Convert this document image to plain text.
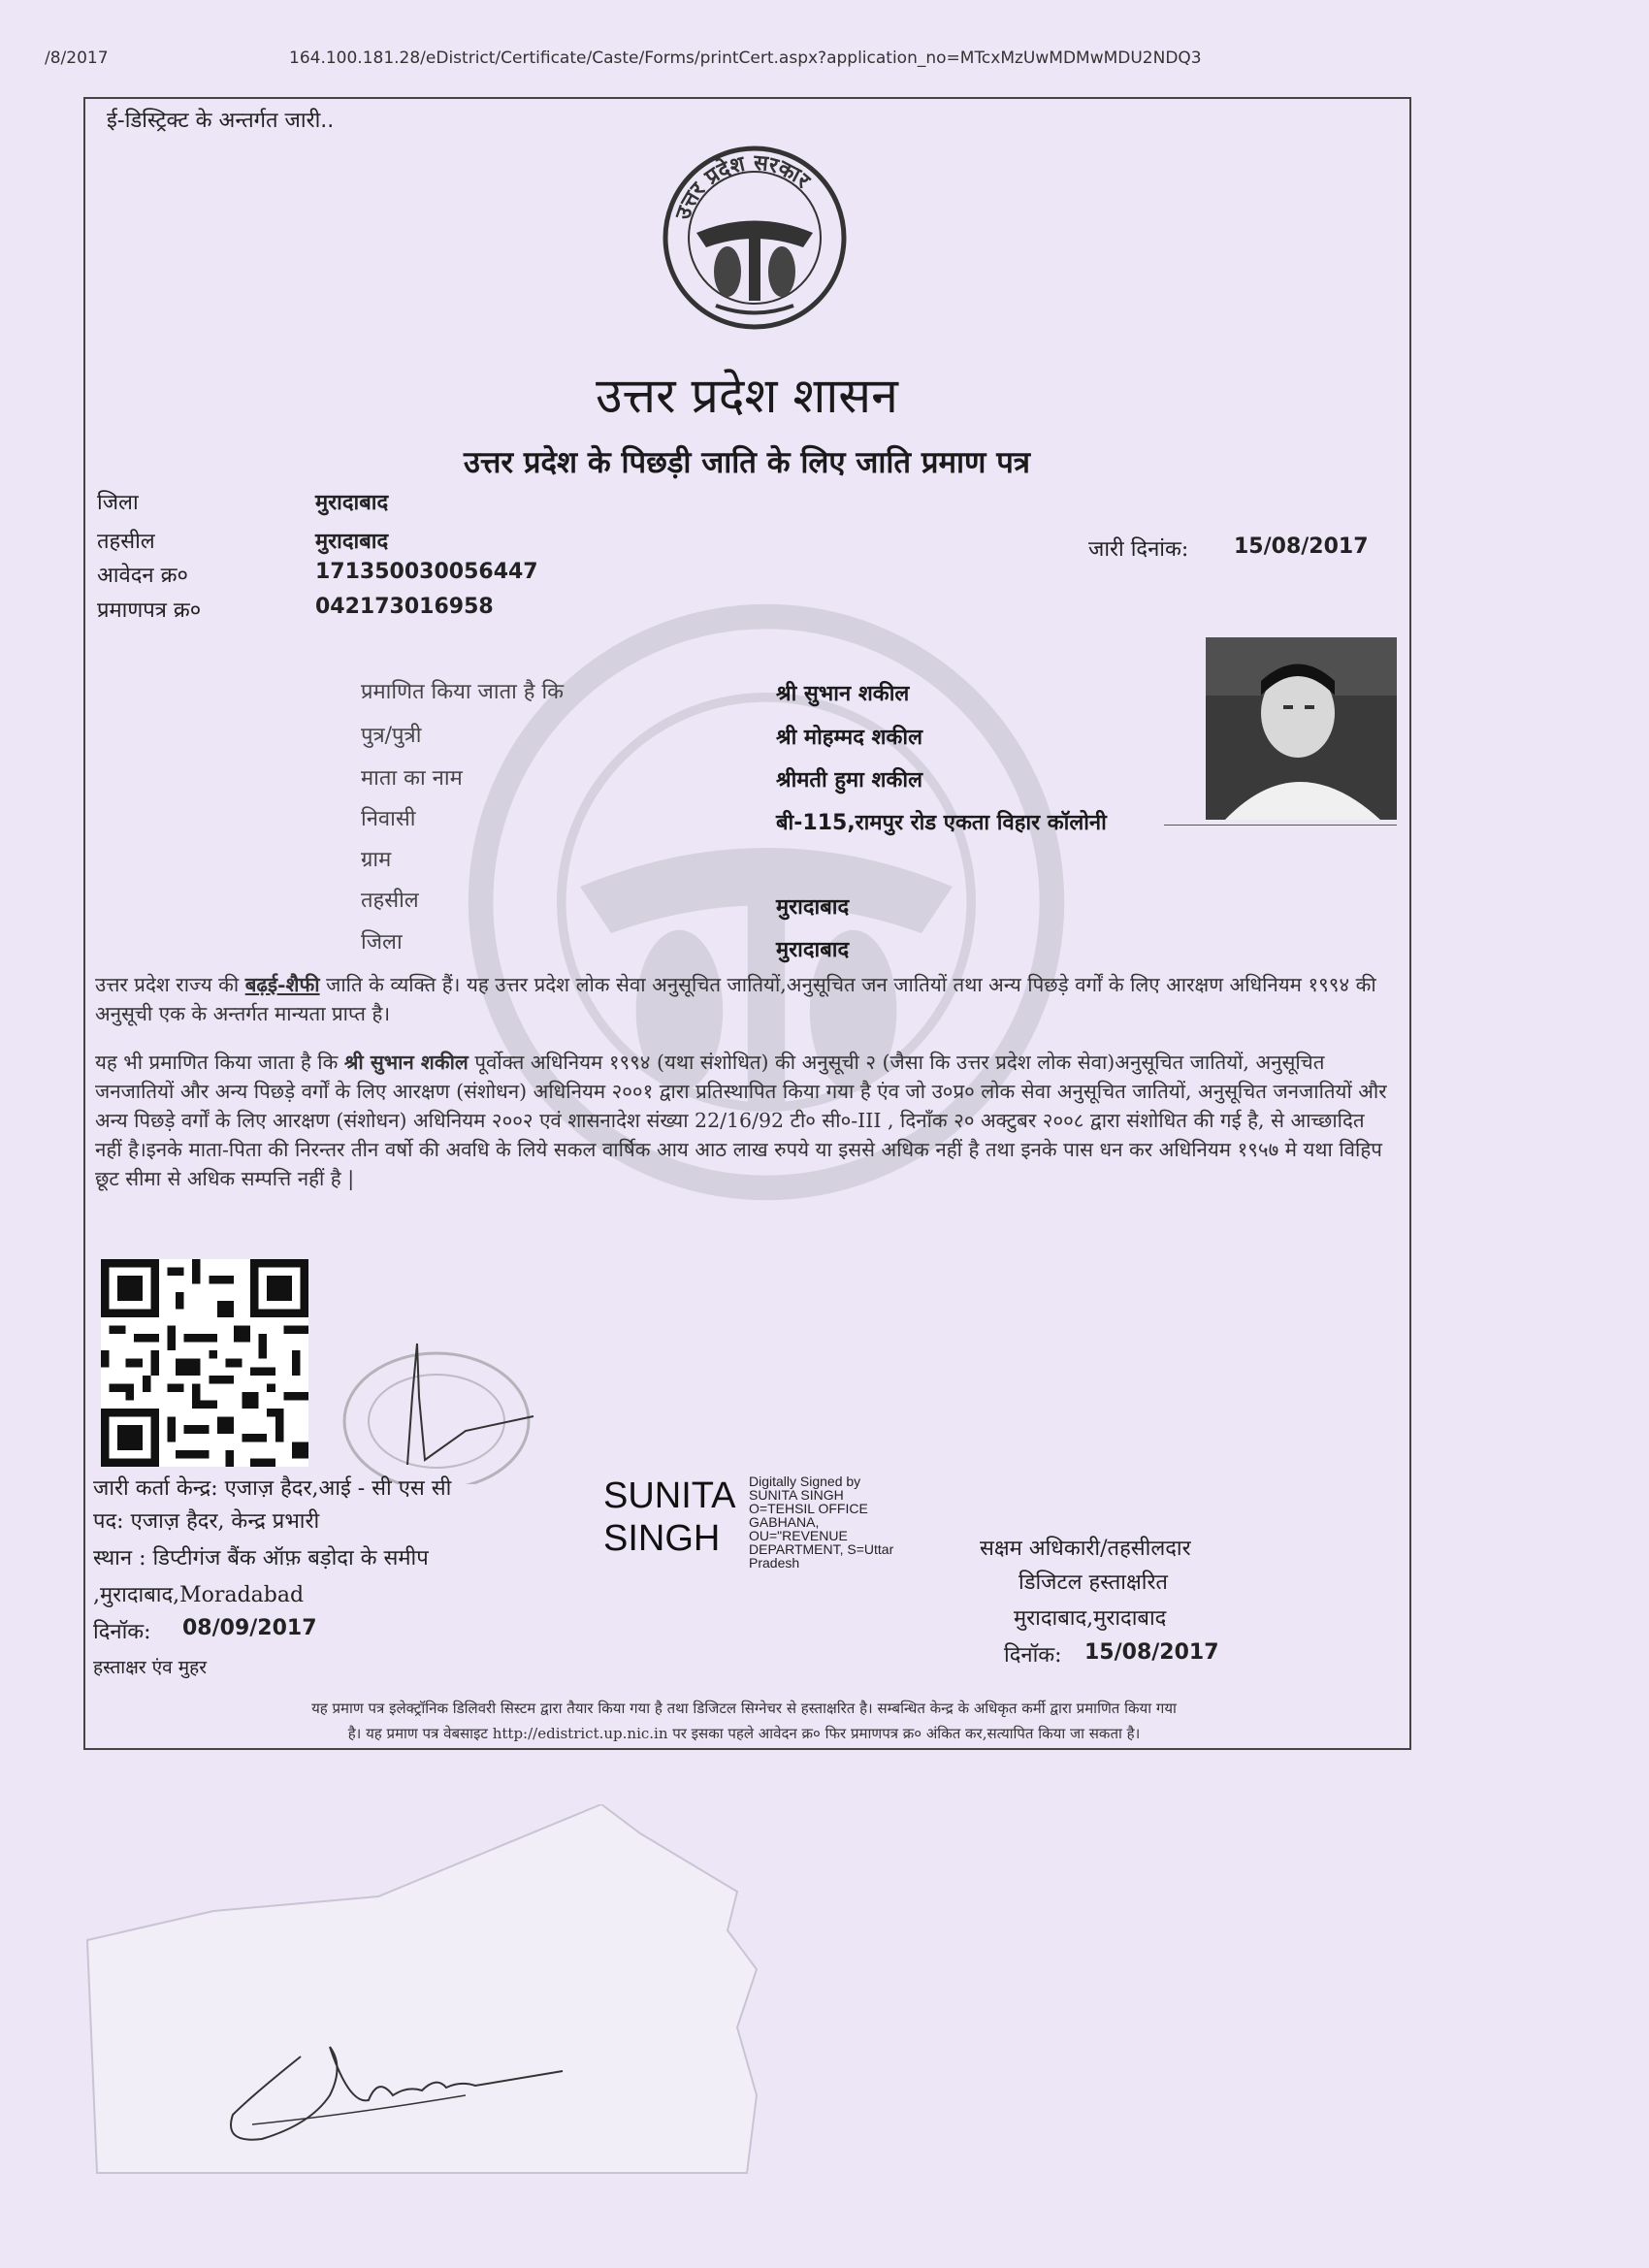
/8/2017	164.100.181.28/eDistrict/Certificate/Caste/Forms/printCert.aspx?application_no=MTcxMzUwMDMwMDU2NDQ3
ई-डिस्ट्रिक्ट के अन्तर्गत जारी..
उत्तर प्रदेश सरकार
उत्तर प्रदेश शासन
उत्तर प्रदेश के पिछड़ी जाति के लिए जाति प्रमाण पत्र
जिला	मुरादाबाद
तहसील	मुरादाबाद
आवेदन क्र०	171350030056447
प्रमाणपत्र क्र०	042173016958
जारी दिनांक: 15/08/2017
प्रमाणित किया जाता है कि	श्री सुभान शकील
पुत्र/पुत्री	श्री मोहम्मद शकील
माता का नाम	श्रीमती हुमा शकील
निवासी	बी-115,रामपुर रोड एकता विहार कॉलोनी
ग्राम
तहसील	मुरादाबाद
जिला	मुरादाबाद
उत्तर प्रदेश राज्य की बढ़ई-शैफी जाति के व्यक्ति हैं। यह उत्तर प्रदेश लोक सेवा अनुसूचित जातियों,अनुसूचित जन जातियों तथा अन्य पिछड़े वर्गों के लिए आरक्षण अधिनियम १९९४ की अनुसूची एक के अन्तर्गत मान्यता प्राप्त है।
यह भी प्रमाणित किया जाता है कि श्री सुभान शकील पूर्वोक्त अधिनियम १९९४ (यथा संशोधित) की अनुसूची २ (जैसा कि उत्तर प्रदेश लोक सेवा)अनुसूचित जातियों, अनुसूचित जनजातियों और अन्य पिछड़े वर्गों के लिए आरक्षण (संशोधन) अधिनियम २००१ द्वारा प्रतिस्थापित किया गया है एंव जो उ०प्र० लोक सेवा अनुसूचित जातियों, अनुसूचित जनजातियों और अन्य पिछड़े वर्गों के लिए आरक्षण (संशोधन) अधिनियम २००२ एवं शासनादेश संख्या 22/16/92 टी० सी०-III , दिनाँक २० अक्टुबर २००८ द्वारा संशोधित की गई है, से आच्छादित नहीं है।इनके माता-पिता की निरन्तर तीन वर्षो की अवधि के लिये सकल वार्षिक आय आठ लाख रुपये या इससे अधिक नहीं है तथा इनके पास धन कर अधिनियम १९५७ मे यथा विहिप छूट सीमा से अधिक सम्पत्ति नहीं है |
जारी कर्ता केन्द्र: एजाज़ हैदर,आई - सी एस सी
पद: एजाज़ हैदर, केन्द्र प्रभारी
स्थान : डिप्टीगंज बैंक ऑफ़ बड़ोदा के समीप
,मुरादाबाद,Moradabad
दिनॉक: 08/09/2017
हस्ताक्षर एंव मुहर
SUNITA
SINGH
Digitally Signed by
SUNITA SINGH
O=TEHSIL OFFICE
GABHANA,
OU="REVENUE
DEPARTMENT, S=Uttar
Pradesh
सक्षम अधिकारी/तहसीलदार
डिजिटल हस्ताक्षरित
मुरादाबाद,मुरादाबाद
दिनॉक: 15/08/2017
यह प्रमाण पत्र इलेक्ट्रॉनिक डिलिवरी सिस्टम द्वारा तैयार किया गया है तथा डिजिटल सिग्नेचर से हस्ताक्षरित है। सम्बन्धित केन्द्र के अधिकृत कर्मी द्वारा प्रमाणित किया गया
है। यह प्रमाण पत्र वेबसाइट http://edistrict.up.nic.in पर इसका पहले आवेदन क्र० फिर प्रमाणपत्र क्र० अंकित कर,सत्यापित किया जा सकता है।
